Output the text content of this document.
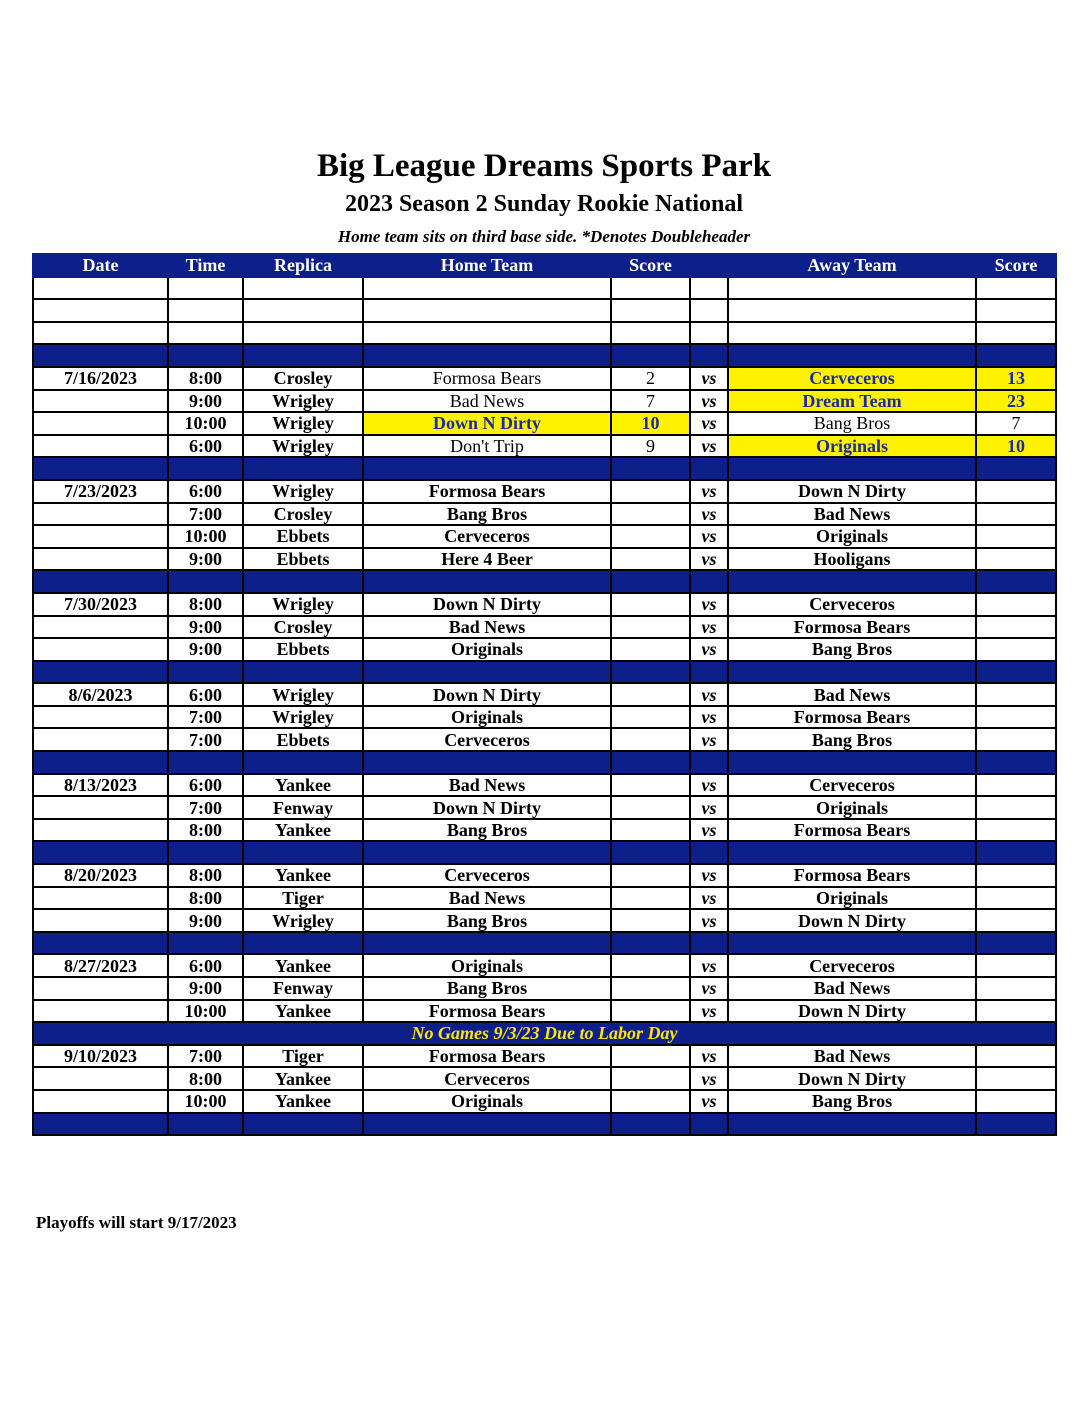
Big League Dreams Sports Park
2023 Season 2 Sunday Rookie National
Home team sits on third base side. *Denotes Doubleheader
Date	Time	Replica	Home Team	Score		Away Team	Score

7/16/2023	8:00	Crosley	Formosa Bears	2	vs	Cerveceros	13
	9:00	Wrigley	Bad News	7	vs	Dream Team	23
	10:00	Wrigley	Down N Dirty	10	vs	Bang Bros	7
	6:00	Wrigley	Don't Trip	9	vs	Originals	10

7/23/2023	6:00	Wrigley	Formosa Bears		vs	Down N Dirty	
	7:00	Crosley	Bang Bros		vs	Bad News	
	10:00	Ebbets	Cerveceros		vs	Originals	
	9:00	Ebbets	Here 4 Beer		vs	Hooligans	

7/30/2023	8:00	Wrigley	Down N Dirty		vs	Cerveceros	
	9:00	Crosley	Bad News		vs	Formosa Bears	
	9:00	Ebbets	Originals		vs	Bang Bros	

8/6/2023	6:00	Wrigley	Down N Dirty		vs	Bad News	
	7:00	Wrigley	Originals		vs	Formosa Bears	
	7:00	Ebbets	Cerveceros		vs	Bang Bros	

8/13/2023	6:00	Yankee	Bad News		vs	Cerveceros	
	7:00	Fenway	Down N Dirty		vs	Originals	
	8:00	Yankee	Bang Bros		vs	Formosa Bears	

8/20/2023	8:00	Yankee	Cerveceros		vs	Formosa Bears	
	8:00	Tiger	Bad News		vs	Originals	
	9:00	Wrigley	Bang Bros		vs	Down N Dirty	

8/27/2023	6:00	Yankee	Originals		vs	Cerveceros	
	9:00	Fenway	Bang Bros		vs	Bad News	
	10:00	Yankee	Formosa Bears		vs	Down N Dirty	
No Games 9/3/23 Due to Labor Day							
9/10/2023	7:00	Tiger	Formosa Bears		vs	Bad News	
	8:00	Yankee	Cerveceros		vs	Down N Dirty	
	10:00	Yankee	Originals		vs	Bang Bros	

Playoffs will start 9/17/2023
